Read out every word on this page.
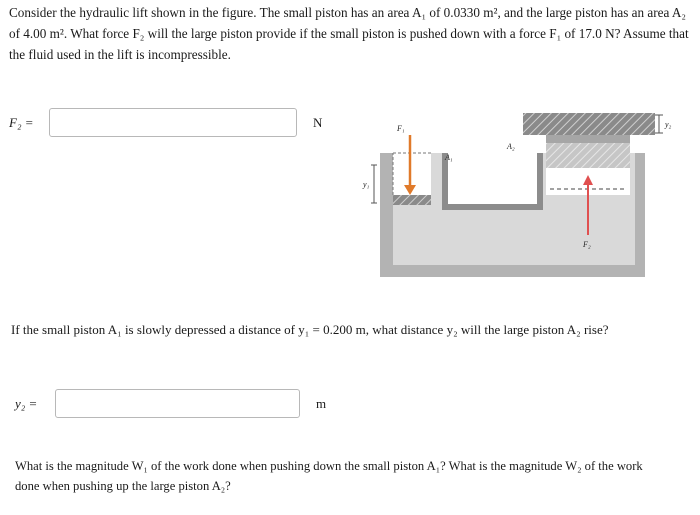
Consider the hydraulic lift shown in the figure. The small piston has an area A₁ of 0.0330 m², and the large piston has an area A₂ of 4.00 m². What force F₂ will the large piston provide if the small piston is pushed down with a force F₁ of 17.0 N? Assume that the fluid used in the lift is incompressible.
F₂ =	N	F₁
F₂
A₁
A₂
y₁
y₂
If the small piston A₁ is slowly depressed a distance of y₁ = 0.200 m, what distance y₂ will the large piston A₂ rise?
y₂ =	m
What is the magnitude W₁ of the work done when pushing down the small piston A₁? What is the magnitude W₂ of the work done when pushing up the large piston A₂?
